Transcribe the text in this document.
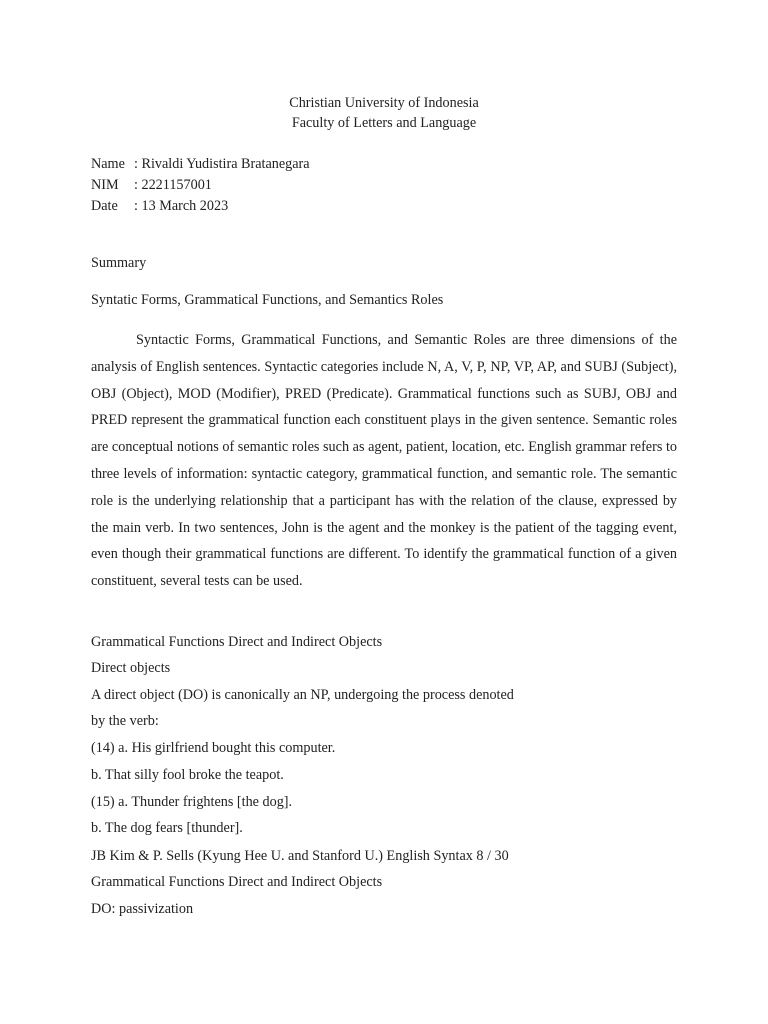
Christian University of Indonesia
Faculty of Letters and Language
Name : Rivaldi Yudistira Bratanegara
NIM : 2221157001
Date : 13 March 2023
Summary
Syntatic Forms, Grammatical Functions, and Semantics Roles

Syntactic Forms, Grammatical Functions, and Semantic Roles are three dimensions of the analysis of English sentences. Syntactic categories include N, A, V, P, NP, VP, AP, and SUBJ (Subject), OBJ (Object), MOD (Modifier), PRED (Predicate). Grammatical functions such as SUBJ, OBJ and PRED represent the grammatical function each constituent plays in the given sentence. Semantic roles are conceptual notions of semantic roles such as agent, patient, location, etc. English grammar refers to three levels of information: syntactic category, grammatical function, and semantic role. The semantic role is the underlying relationship that a participant has with the relation of the clause, expressed by the main verb. In two sentences, John is the agent and the monkey is the patient of the tagging event, even though their grammatical functions are different. To identify the grammatical function of a given constituent, several tests can be used.

Grammatical Functions Direct and Indirect Objects
Direct objects
A direct object (DO) is canonically an NP, undergoing the process denoted
by the verb:
(14) a. His girlfriend bought this computer.
b. That silly fool broke the teapot.
(15) a. Thunder frightens [the dog].
b. The dog fears [thunder].
JB Kim & P. Sells (Kyung Hee U. and Stanford U.) English Syntax 8 / 30
Grammatical Functions Direct and Indirect Objects
DO: passivization
